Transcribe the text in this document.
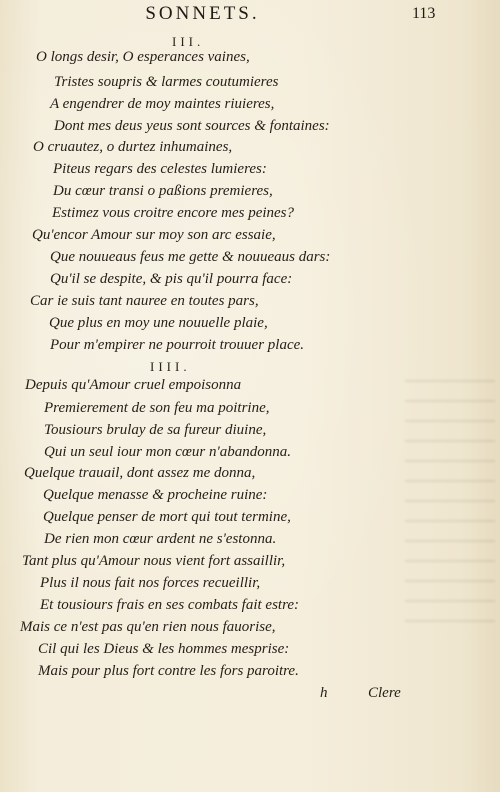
SONNETS.	113
III.
O longs desir, O esperances vaines,
Tristes soupris & larmes coutumieres
A engendrer de moy maintes riuieres,
Dont mes deus yeus sont sources & fontaines:
O cruautez, o durtez inhumaines,
Piteus regars des celestes lumieres:
Du cœur transi o paßions premieres,
Estimez vous croitre encore mes peines?
Qu'encor Amour sur moy son arc essaie,
Que nouueaus feus me gette & nouueaus dars:
Qu'il se despite, & pis qu'il pourra face:
Car ie suis tant nauree en toutes pars,
Que plus en moy une nouuelle plaie,
Pour m'empirer ne pourroit trouuer place.
IIII.
Depuis qu'Amour cruel empoisonna
Premierement de son feu ma poitrine,
Tousiours brulay de sa fureur diuine,
Qui un seul iour mon cœur n'abandonna.
Quelque trauail, dont assez me donna,
Quelque menasse & procheine ruine:
Quelque penser de mort qui tout termine,
De rien mon cœur ardent ne s'estonna.
Tant plus qu'Amour nous vient fort assaillir,
Plus il nous fait nos forces recueillir,
Et tousiours frais en ses combats fait estre:
Mais ce n'est pas qu'en rien nous fauorise,
Cil qui les Dieus & les hommes mesprise:
Mais pour plus fort contre les fors paroitre.
h	Clere
